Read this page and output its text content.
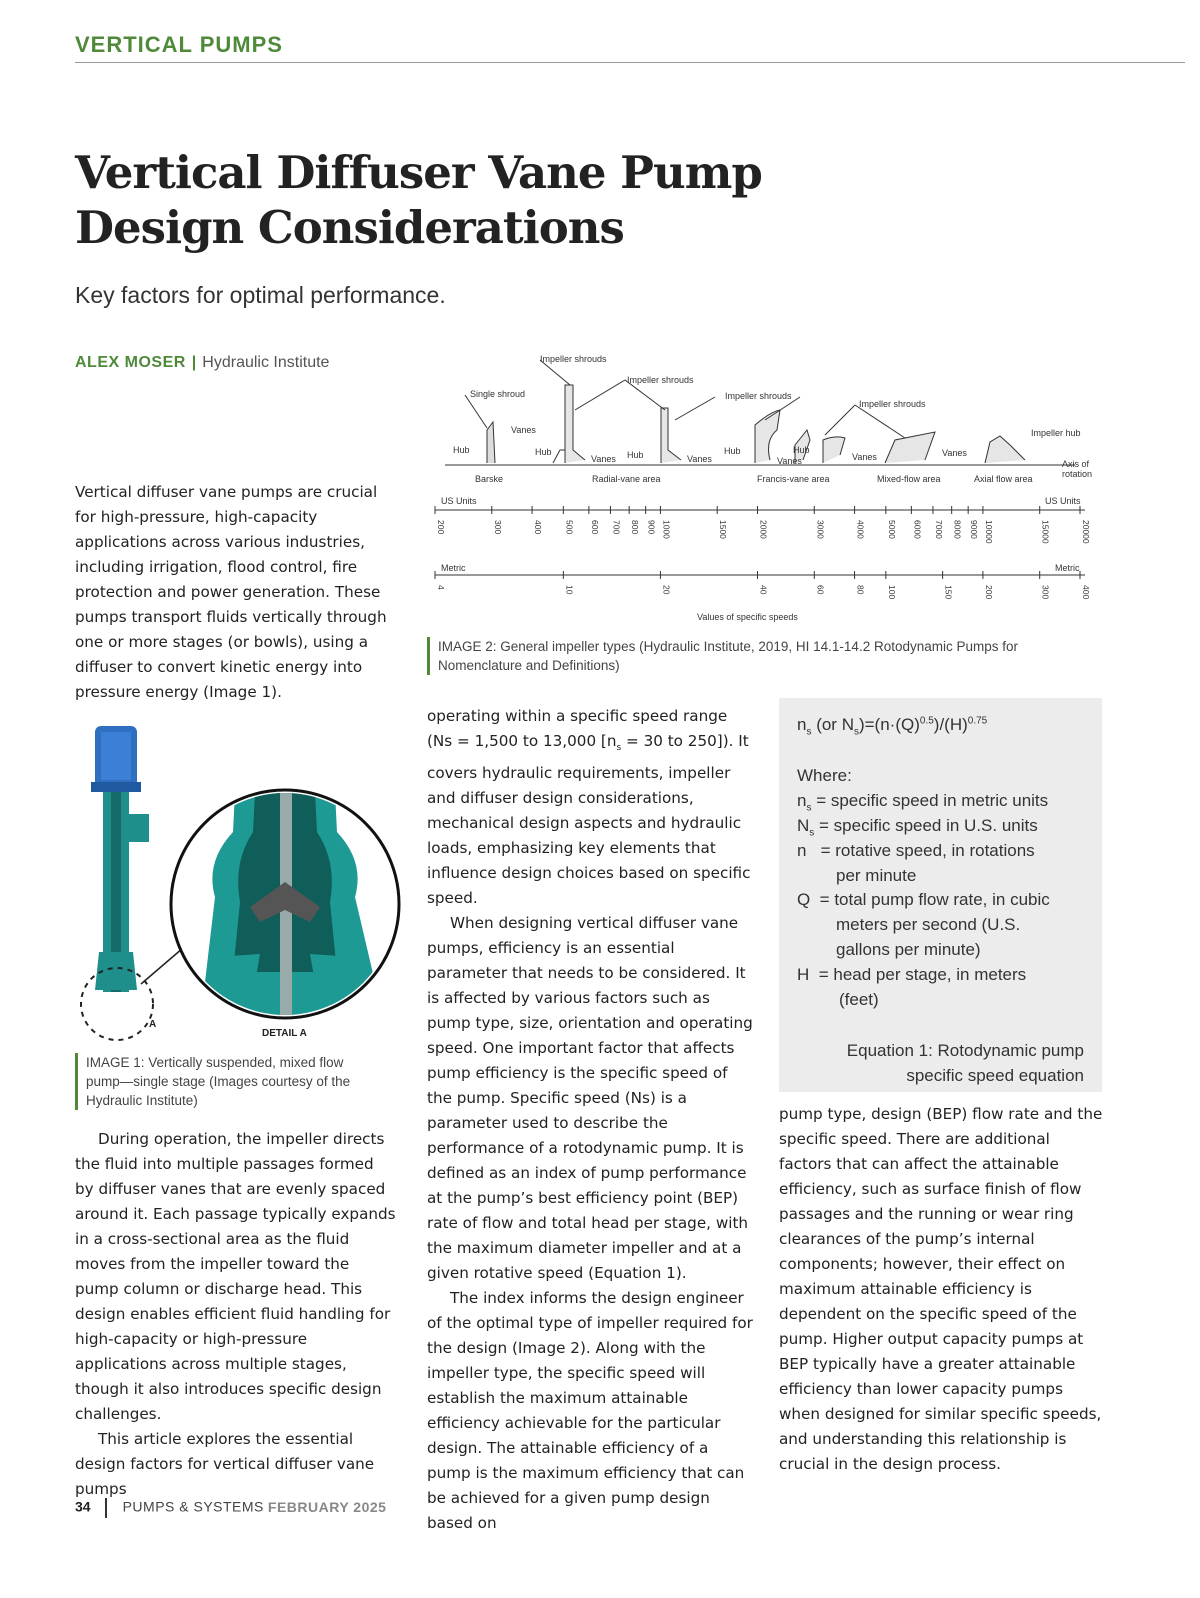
VERTICAL PUMPS
Vertical Diffuser Vane Pump
Design Considerations
Key factors for optimal performance.
ALEX MOSER | Hydraulic Institute	Impeller shrouds
Impeller shrouds
Impeller shrouds
Impeller shrouds
Single shroud
Vanes
Vanes	Vanes	Vanes	Vanes	Vanes
Hub	Hub	Hub	Hub	Hub
Impeller hub
Axis of
rotation
Barske	Radial-vane area	Francis-vane area	Mixed-flow area	Axial flow area
US Units	US Units
Metric	Metric
Values of specific speeds
200	300	400	500 600 700 800 900 1000	1500	2000	3000	4000	5000 6000 7000 8000 9000 10000	15000	20000
4	10	20	40	60	80	100	150	200	300	400
IMAGE 2: General impeller types (Hydraulic Institute, 2019, HI 14.1-14.2 Rotodynamic Pumps for Nomenclature and Definitions)

Vertical diffuser vane pumps are crucial for high-pressure, high-capacity applications across various industries, including irrigation, flood control, fire protection and power generation. These pumps transport fluids vertically through one or more stages (or bowls), using a diffuser to convert kinetic energy into pressure energy (Image 1).

A
DETAIL A
IMAGE 1: Vertically suspended, mixed flow pump—single stage (Images courtesy of the Hydraulic Institute)

During operation, the impeller directs the fluid into multiple passages formed by diffuser vanes that are evenly spaced around it. Each passage typically expands in a cross-sectional area as the fluid moves from the impeller toward the pump column or discharge head. This design enables efficient fluid handling for high-capacity or high-pressure applications across multiple stages, though it also introduces specific design challenges.

This article explores the essential design factors for vertical diffuser vane pumps

operating within a specific speed range (Ns = 1,500 to 13,000 [$n_s = 30$ to 250]). It covers hydraulic requirements, impeller and diffuser design considerations, mechanical design aspects and hydraulic loads, emphasizing key elements that influence design choices based on specific speed.

When designing vertical diffuser vane pumps, efficiency is an essential parameter that needs to be considered. It is affected by various factors such as pump type, size, orientation and operating speed. One important factor that affects pump efficiency is the specific speed of the pump. Specific speed (Ns) is a parameter used to describe the performance of a rotodynamic pump. It is defined as an index of pump performance at the pump’s best efficiency point (BEP) rate of flow and total head per stage, with the maximum diameter impeller and at a given rotative speed (Equation 1).

The index informs the design engineer of the optimal type of impeller required for the design (Image 2). Along with the impeller type, the specific speed will establish the maximum attainable efficiency achievable for the particular design. The attainable efficiency of a pump is the maximum efficiency that can be achieved for a given pump design based on

$n_s$ (or $N_s)=(n\cdot(Q)^{0.5})/(H)^{0.75}$
Where:
$n_s$ = specific speed in metric units
$N_s$ = specific speed in U.S. units
n   = rotative speed, in rotations
per minute
Q  = total pump flow rate, in cubic
meters per second (U.S.
gallons per minute)
H  = head per stage, in meters
(feet)
Equation 1: Rotodynamic pump
specific speed equation

pump type, design (BEP) flow rate and the specific speed. There are additional factors that can affect the attainable efficiency, such as surface finish of flow passages and the running or wear ring clearances of the pump’s internal components; however, their effect on maximum attainable efficiency is dependent on the specific speed of the pump. Higher output capacity pumps at BEP typically have a greater attainable efficiency than lower capacity pumps when designed for similar specific speeds, and understanding this relationship is crucial in the design process.

34 PUMPS & SYSTEMS FEBRUARY 2025
